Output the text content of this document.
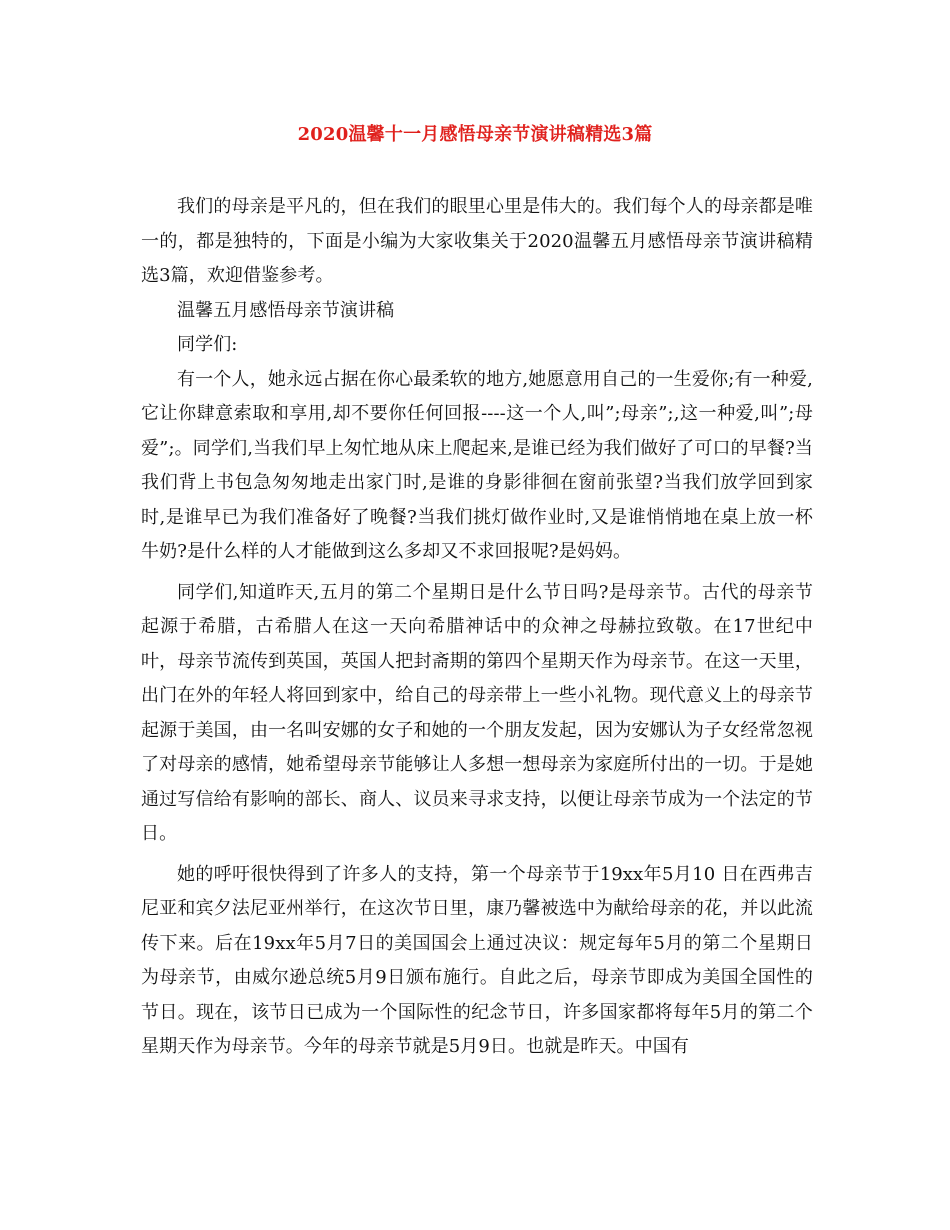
2020温馨十一月感悟母亲节演讲稿精选3篇

我们的母亲是平凡的，但在我们的眼里心里是伟大的。我们每个人的母亲都是唯一的，都是独特的，下面是小编为大家收集关于2020温馨五月感悟母亲节演讲稿精选3篇，欢迎借鉴参考。

温馨五月感悟母亲节演讲稿

同学们:

有一个人，她永远占据在你心最柔软的地方,她愿意用自己的一生爱你;有一种爱,它让你肆意索取和享用,却不要你任何回报----这一个人,叫”;母亲”;,这一种爱,叫”;母爱”;。同学们,当我们早上匆忙地从床上爬起来,是谁已经为我们做好了可口的早餐?当我们背上书包急匆匆地走出家门时,是谁的身影徘徊在窗前张望?当我们放学回到家时,是谁早已为我们准备好了晚餐?当我们挑灯做作业时,又是谁悄悄地在桌上放一杯牛奶?是什么样的人才能做到这么多却又不求回报呢?是妈妈。

同学们,知道昨天,五月的第二个星期日是什么节日吗?是母亲节。古代的母亲节起源于希腊，古希腊人在这一天向希腊神话中的众神之母赫拉致敬。在17世纪中叶，母亲节流传到英国，英国人把封斋期的第四个星期天作为母亲节。在这一天里，出门在外的年轻人将回到家中，给自己的母亲带上一些小礼物。现代意义上的母亲节起源于美国，由一名叫安娜的女子和她的一个朋友发起，因为安娜认为子女经常忽视了对母亲的感情，她希望母亲节能够让人多想一想母亲为家庭所付出的一切。于是她通过写信给有影响的部长、商人、议员来寻求支持，以便让母亲节成为一个法定的节日。

她的呼吁很快得到了许多人的支持，第一个母亲节于19xx年5月10 日在西弗吉尼亚和宾夕法尼亚州举行，在这次节日里，康乃馨被选中为献给母亲的花，并以此流传下来。后在19xx年5月7日的美国国会上通过决议：规定每年5月的第二个星期日为母亲节，由威尔逊总统5月9日颁布施行。自此之后，母亲节即成为美国全国性的节日。现在，该节日已成为一个国际性的纪念节日，许多国家都将每年5月的第二个星期天作为母亲节。今年的母亲节就是5月9日。也就是昨天。中国有
